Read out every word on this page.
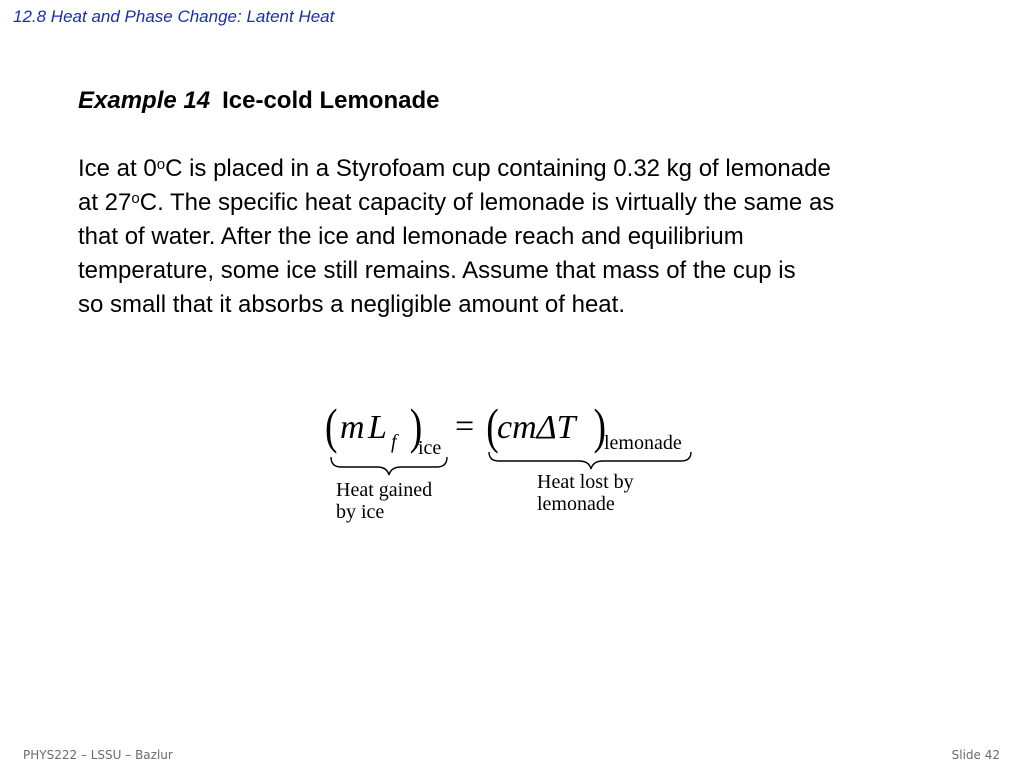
12.8 Heat and Phase Change: Latent Heat
Example 14 Ice-cold Lemonade
Ice at 0$^o$C is placed in a Styrofoam cup containing 0.32 kg of lemonade
at 27$^o$C. The specific heat capacity of lemonade is virtually the same as
that of water. After the ice and lemonade reach and equilibrium
temperature, some ice still remains. Assume that mass of the cup is
so small that it absorbs a negligible amount of heat.
( m L f )
ice
= (
cmΔT )
lemonade
Heat gained
by ice
Heat lost by
lemonade
PHYS222 – LSSU – Bazlur	Slide 42
